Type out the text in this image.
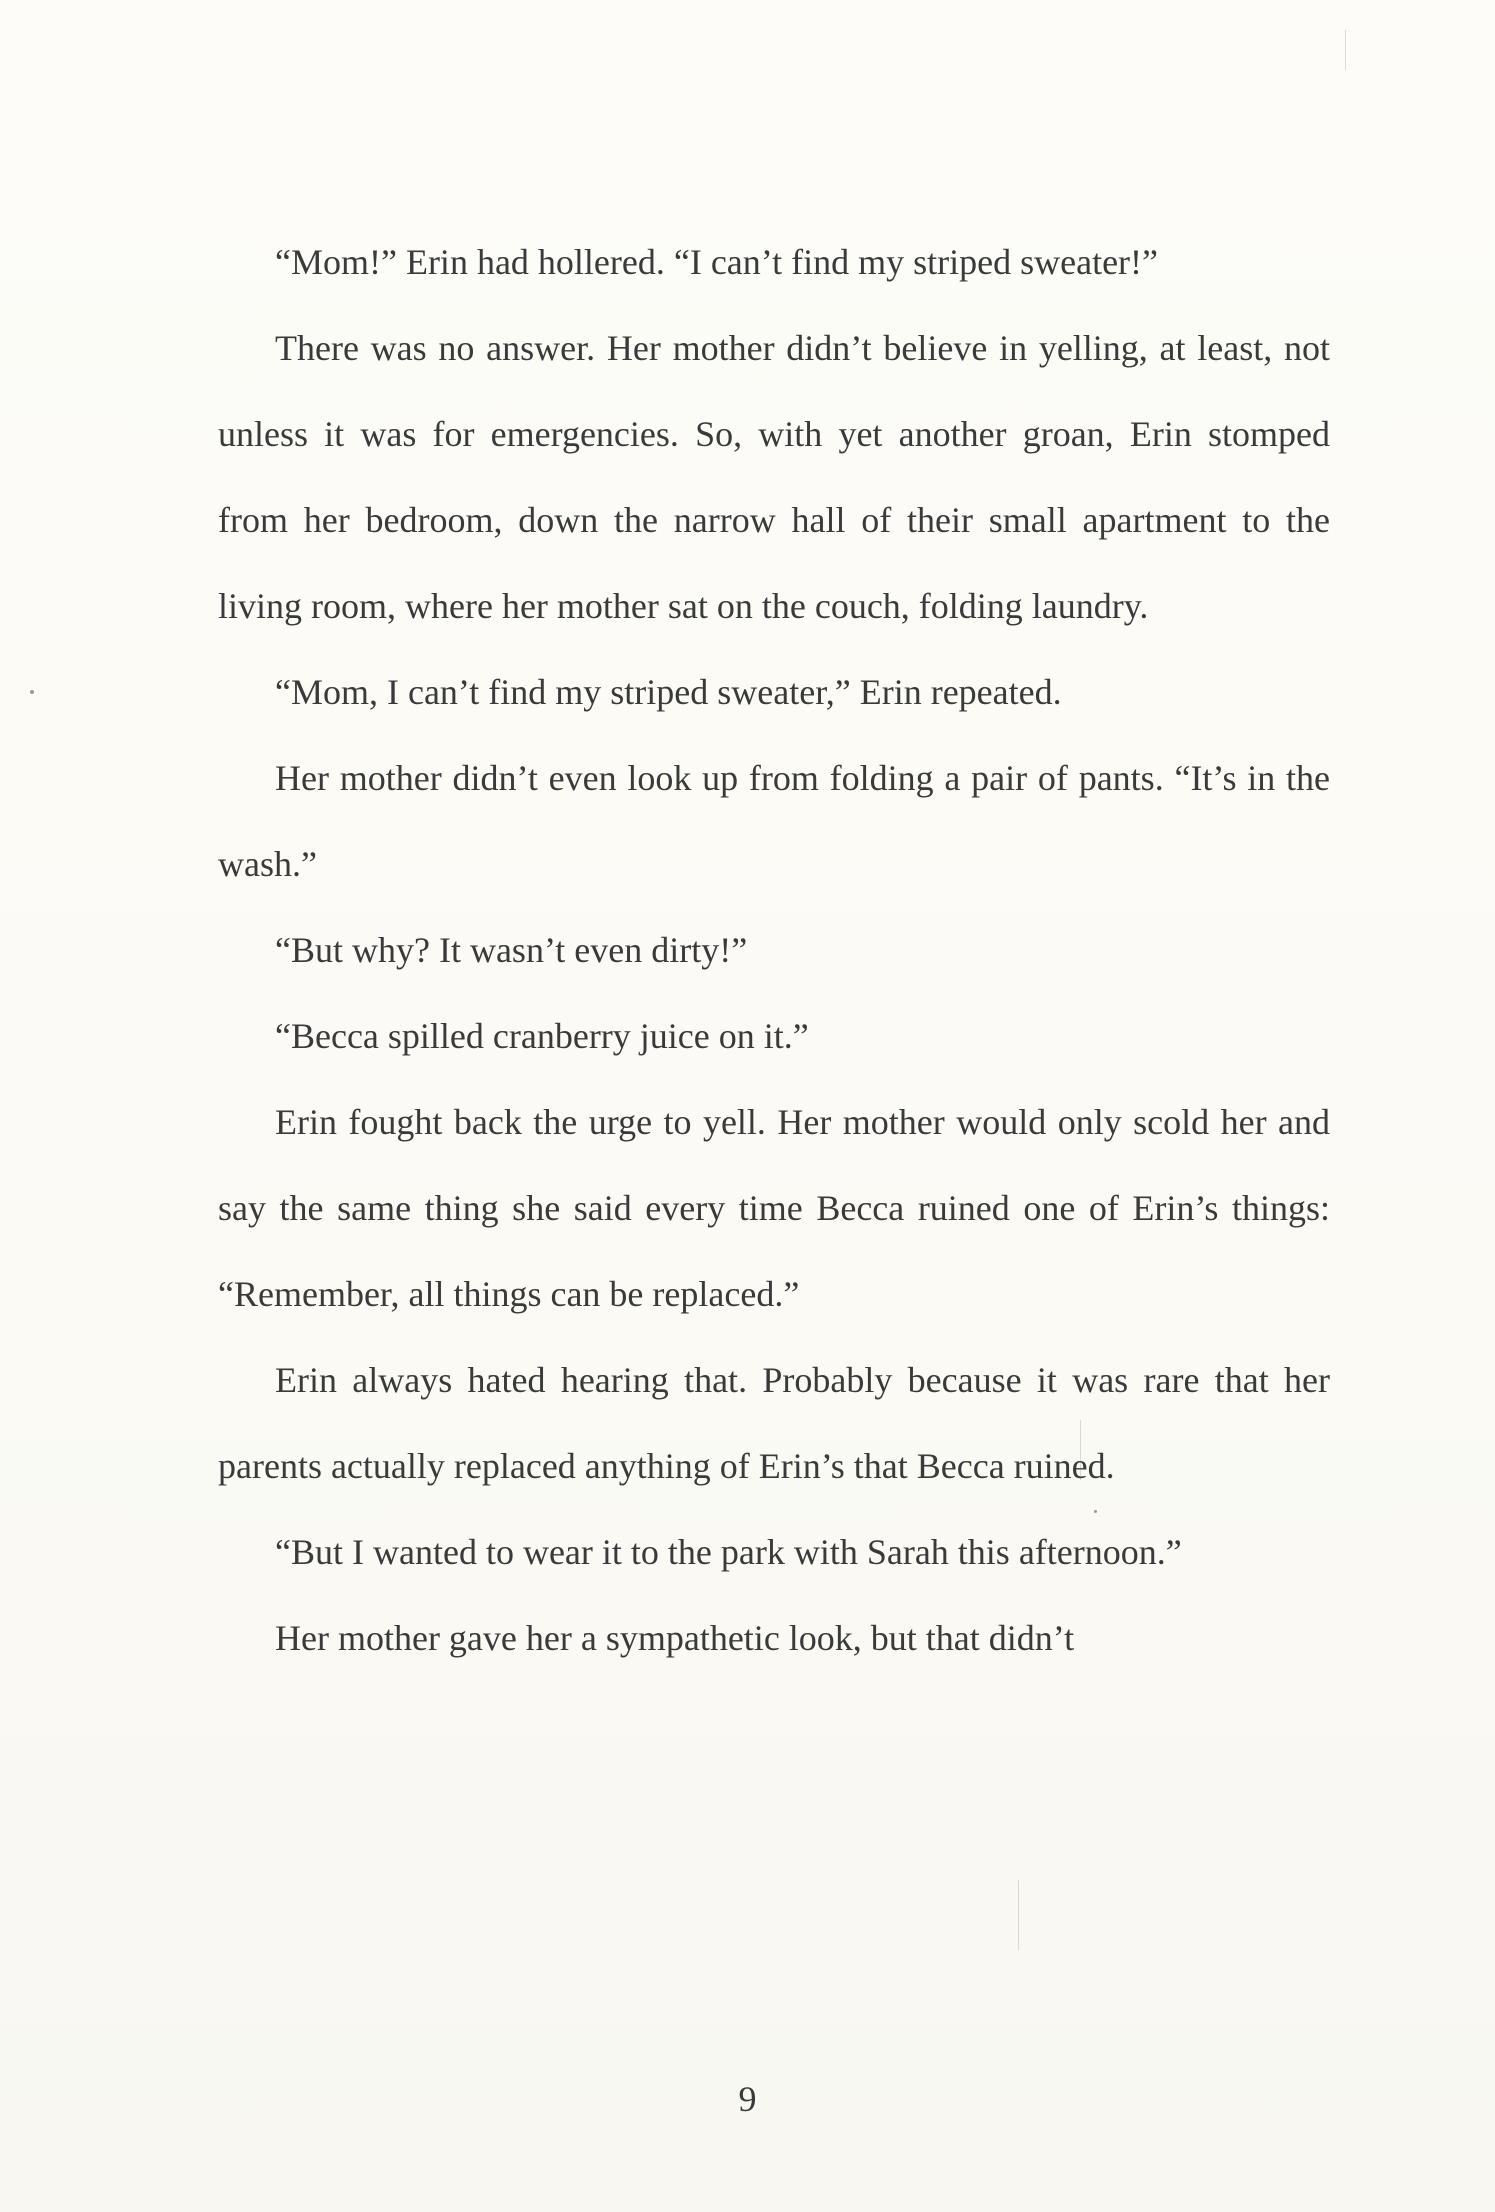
“Mom!” Erin had hollered. “I can’t find my striped sweater!”

There was no answer. Her mother didn’t believe in yelling, at least, not unless it was for emergencies. So, with yet another groan, Erin stomped from her bedroom, down the narrow hall of their small apartment to the living room, where her mother sat on the couch, folding laundry.

“Mom, I can’t find my striped sweater,” Erin repeated.

Her mother didn’t even look up from folding a pair of pants. “It’s in the wash.”

“But why? It wasn’t even dirty!”

“Becca spilled cranberry juice on it.”

Erin fought back the urge to yell. Her mother would only scold her and say the same thing she said every time Becca ruined one of Erin’s things: “Remember, all things can be replaced.”

Erin always hated hearing that. Probably because it was rare that her parents actually replaced anything of Erin’s that Becca ruined.

“But I wanted to wear it to the park with Sarah this afternoon.”

Her mother gave her a sympathetic look, but that didn’t

9
